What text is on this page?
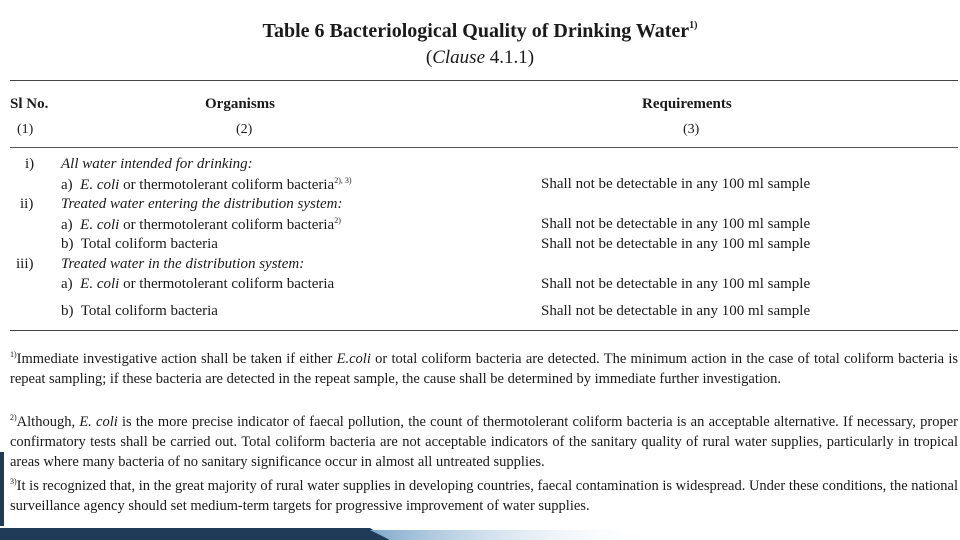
Table 6 Bacteriological Quality of Drinking Water$^{1)}$
(Clause 4.1.1)
Sl No.	Organisms	Requirements
(1)	(2)	(3)
i) All water intended for drinking:
a) E. coli or thermotolerant coliform bacteria$^{2), 3)}$	Shall not be detectable in any 100 ml sample
ii) Treated water entering the distribution system:
a) E. coli or thermotolerant coliform bacteria$^{2)}$	Shall not be detectable in any 100 ml sample
b) Total coliform bacteria	Shall not be detectable in any 100 ml sample
iii) Treated water in the distribution system:
a) E. coli or thermotolerant coliform bacteria	Shall not be detectable in any 100 ml sample
b) Total coliform bacteria	Shall not be detectable in any 100 ml sample
$^{1)}$Immediate investigative action shall be taken if either E.coli or total coliform bacteria are detected. The minimum action in the case of total coliform bacteria is repeat sampling; if these bacteria are detected in the repeat sample, the cause shall be determined by immediate further investigation.
$^{2)}$Although, E. coli is the more precise indicator of faecal pollution, the count of thermotolerant coliform bacteria is an acceptable alternative. If necessary, proper confirmatory tests shall be carried out. Total coliform bacteria are not acceptable indicators of the sanitary quality of rural water supplies, particularly in tropical areas where many bacteria of no sanitary significance occur in almost all untreated supplies.
$^{3)}$It is recognized that, in the great majority of rural water supplies in developing countries, faecal contamination is widespread. Under these conditions, the national surveillance agency should set medium-term targets for progressive improvement of water supplies.
